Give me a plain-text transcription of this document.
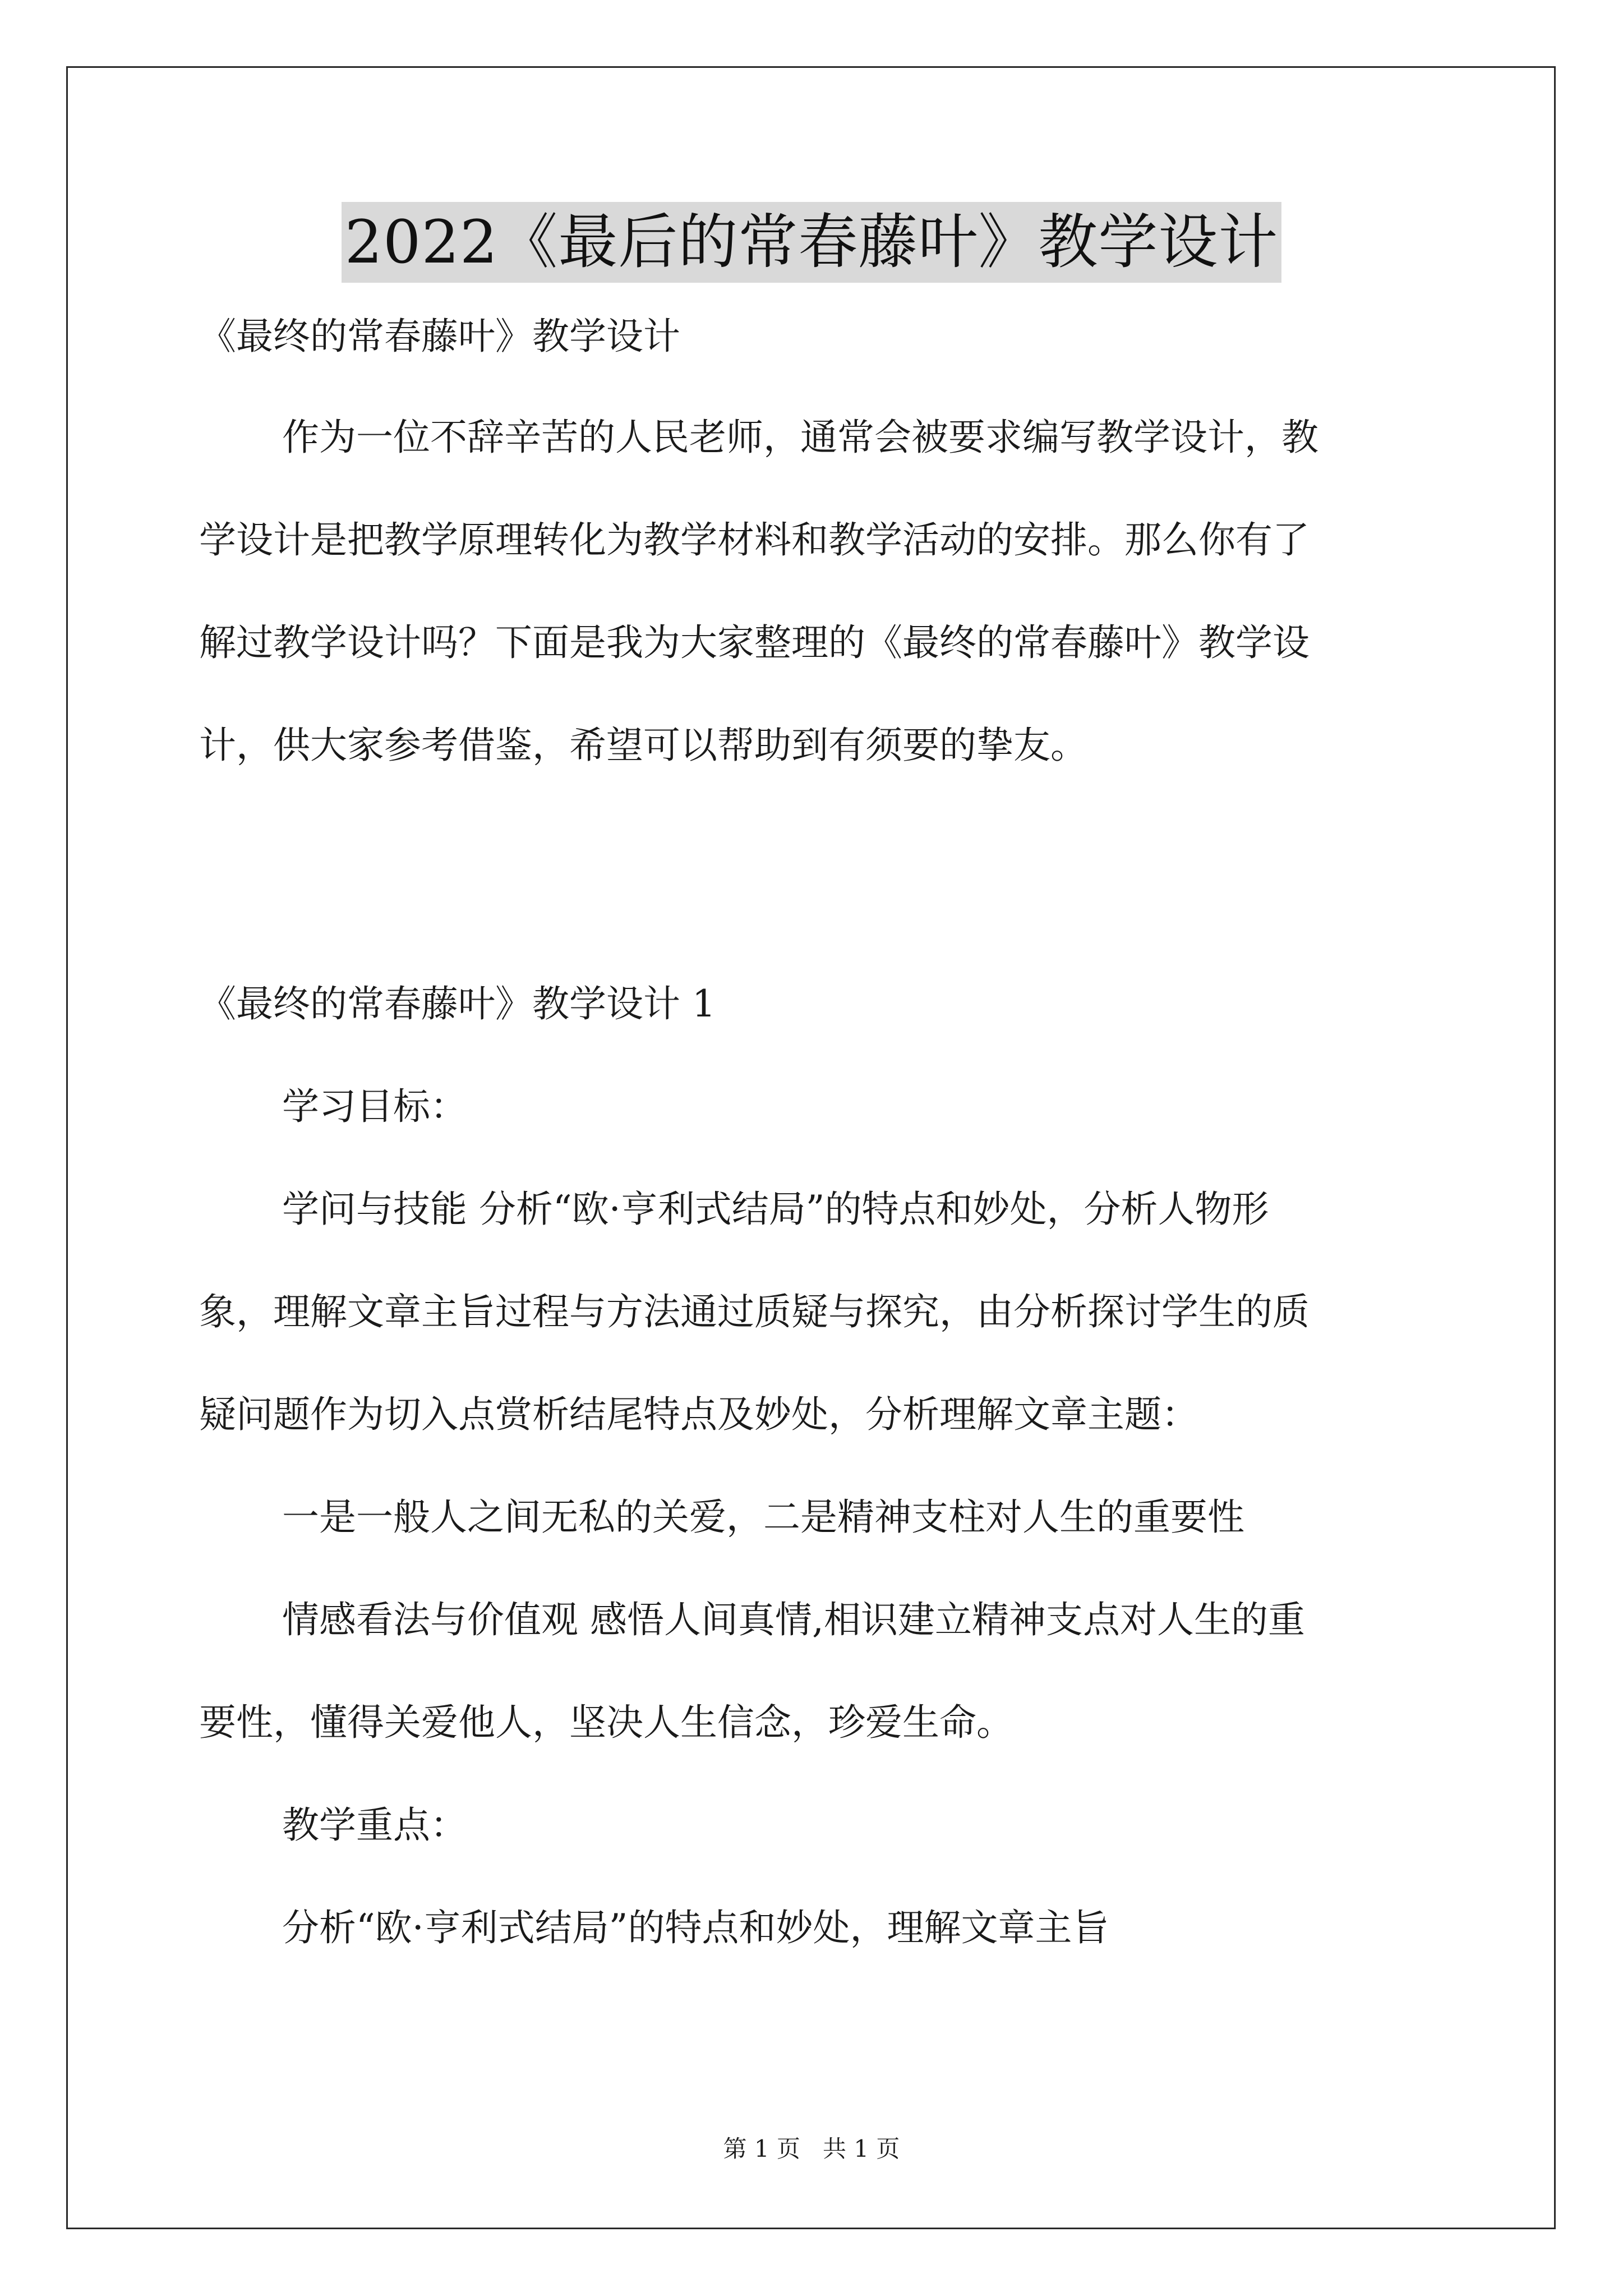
2022《最后的常春藤叶》教学设计
《最终的常春藤叶》教学设计
作为一位不辞辛苦的人民老师，通常会被要求编写教学设计，教
学设计是把教学原理转化为教学材料和教学活动的安排。那么你有了
解过教学设计吗？下面是我为大家整理的《最终的常春藤叶》教学设
计，供大家参考借鉴，希望可以帮助到有须要的挚友。
《最终的常春藤叶》教学设计 1
学习目标：
学问与技能 分析“欧·亨利式结局”的特点和妙处，分析人物形
象，理解文章主旨过程与方法通过质疑与探究，由分析探讨学生的质
疑问题作为切入点赏析结尾特点及妙处，分析理解文章主题：
一是一般人之间无私的关爱，二是精神支柱对人生的重要性
情感看法与价值观 感悟人间真情,相识建立精神支点对人生的重
要性，懂得关爱他人，坚决人生信念，珍爱生命。
教学重点：
分析“欧·亨利式结局”的特点和妙处，理解文章主旨
第 1 页 共 1 页
